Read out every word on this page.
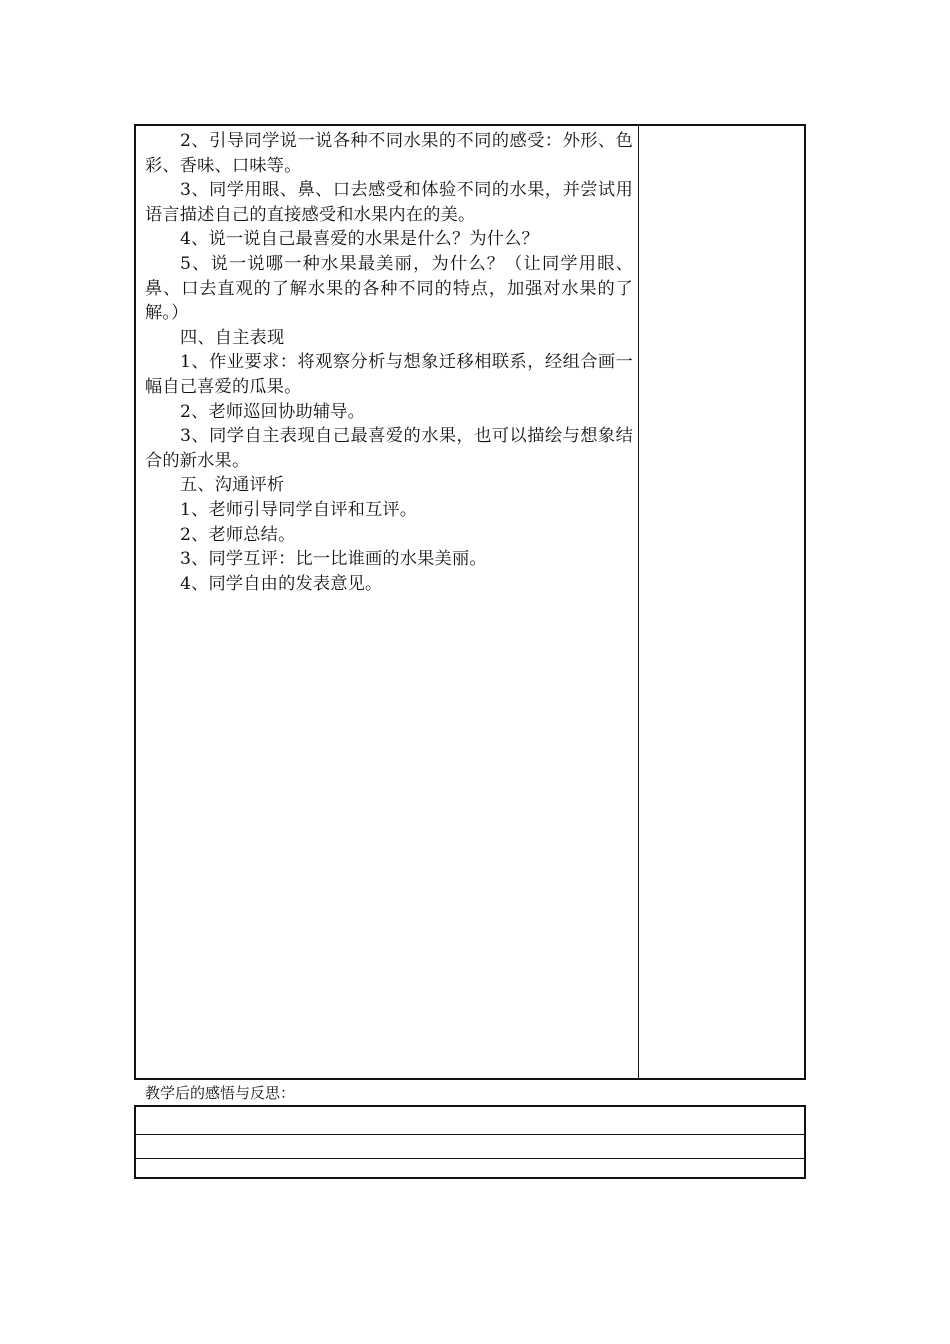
2、引导同学说一说各种不同水果的不同的感受：外形、色彩、香味、口味等。

3、同学用眼、鼻、口去感受和体验不同的水果，并尝试用语言描述自己的直接感受和水果内在的美。

4、说一说自己最喜爱的水果是什么？为什么？

5、说一说哪一种水果最美丽，为什么？（让同学用眼、鼻、口去直观的了解水果的各种不同的特点，加强对水果的了解。）

四、自主表现

1、作业要求：将观察分析与想象迁移相联系，经组合画一幅自己喜爱的瓜果。

2、老师巡回协助辅导。

3、同学自主表现自己最喜爱的水果，也可以描绘与想象结合的新水果。

五、沟通评析

1、老师引导同学自评和互评。

2、老师总结。

3、同学互评：比一比谁画的水果美丽。

4、同学自由的发表意见。

教学后的感悟与反思：
